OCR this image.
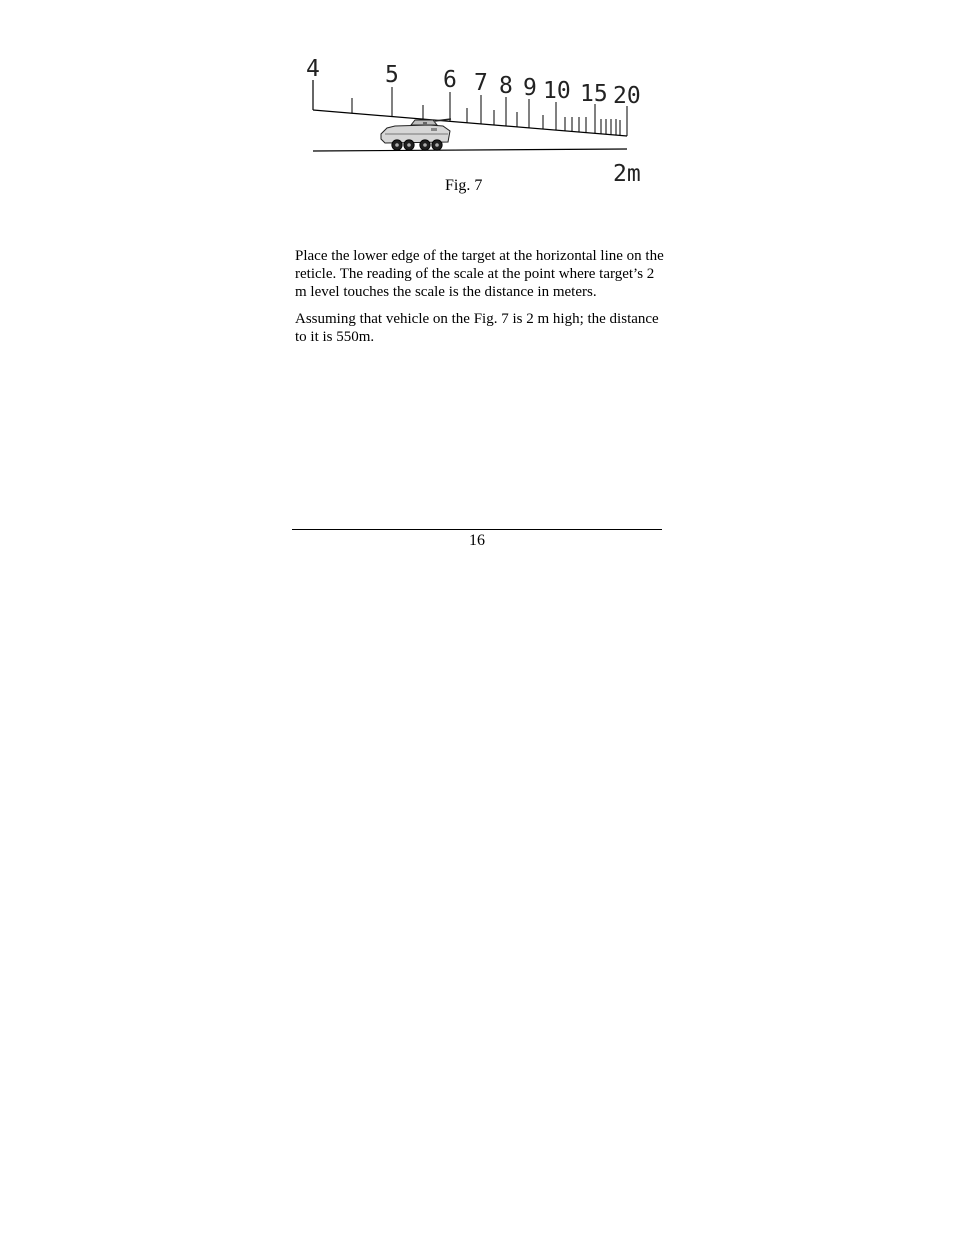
4	5 6 7 8 9 10 15 20
2m

Fig. 7

Place the lower edge of the target at the horizontal line on the reticle. The reading of the scale at the point where target’s 2 m level touches the scale is the distance in meters.

Assuming that vehicle on the Fig. 7 is 2 m high; the distance to it is 550m.

16
